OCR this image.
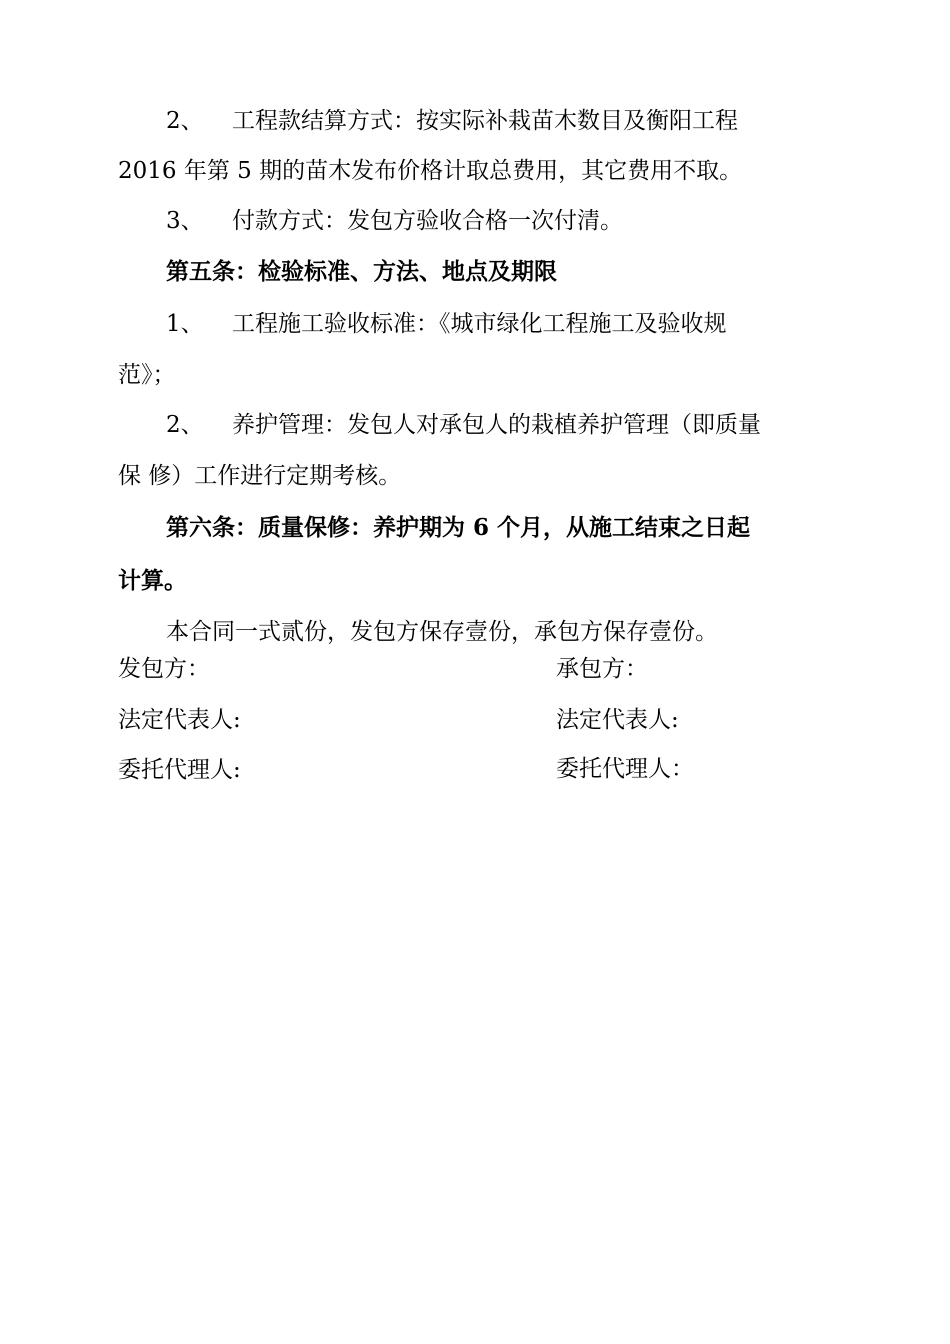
2、 工程款结算方式：按实际补栽苗木数目及衡阳工程
2016 年第 5 期的苗木发布价格计取总费用，其它费用不取。
3、 付款方式：发包方验收合格一次付清。
第五条：检验标准、方法、地点及期限
1、 工程施工验收标准：《城市绿化工程施工及验收规
范》；
2、 养护管理：发包人对承包人的栽植养护管理（即质量
保 修）工作进行定期考核。
第六条：质量保修：养护期为 6 个月，从施工结束之日起
计算。
本合同一式贰份，发包方保存壹份，承包方保存壹份。
发包方：	承包方：
法定代表人:	法定代表人:
委托代理人:	委托代理人：
